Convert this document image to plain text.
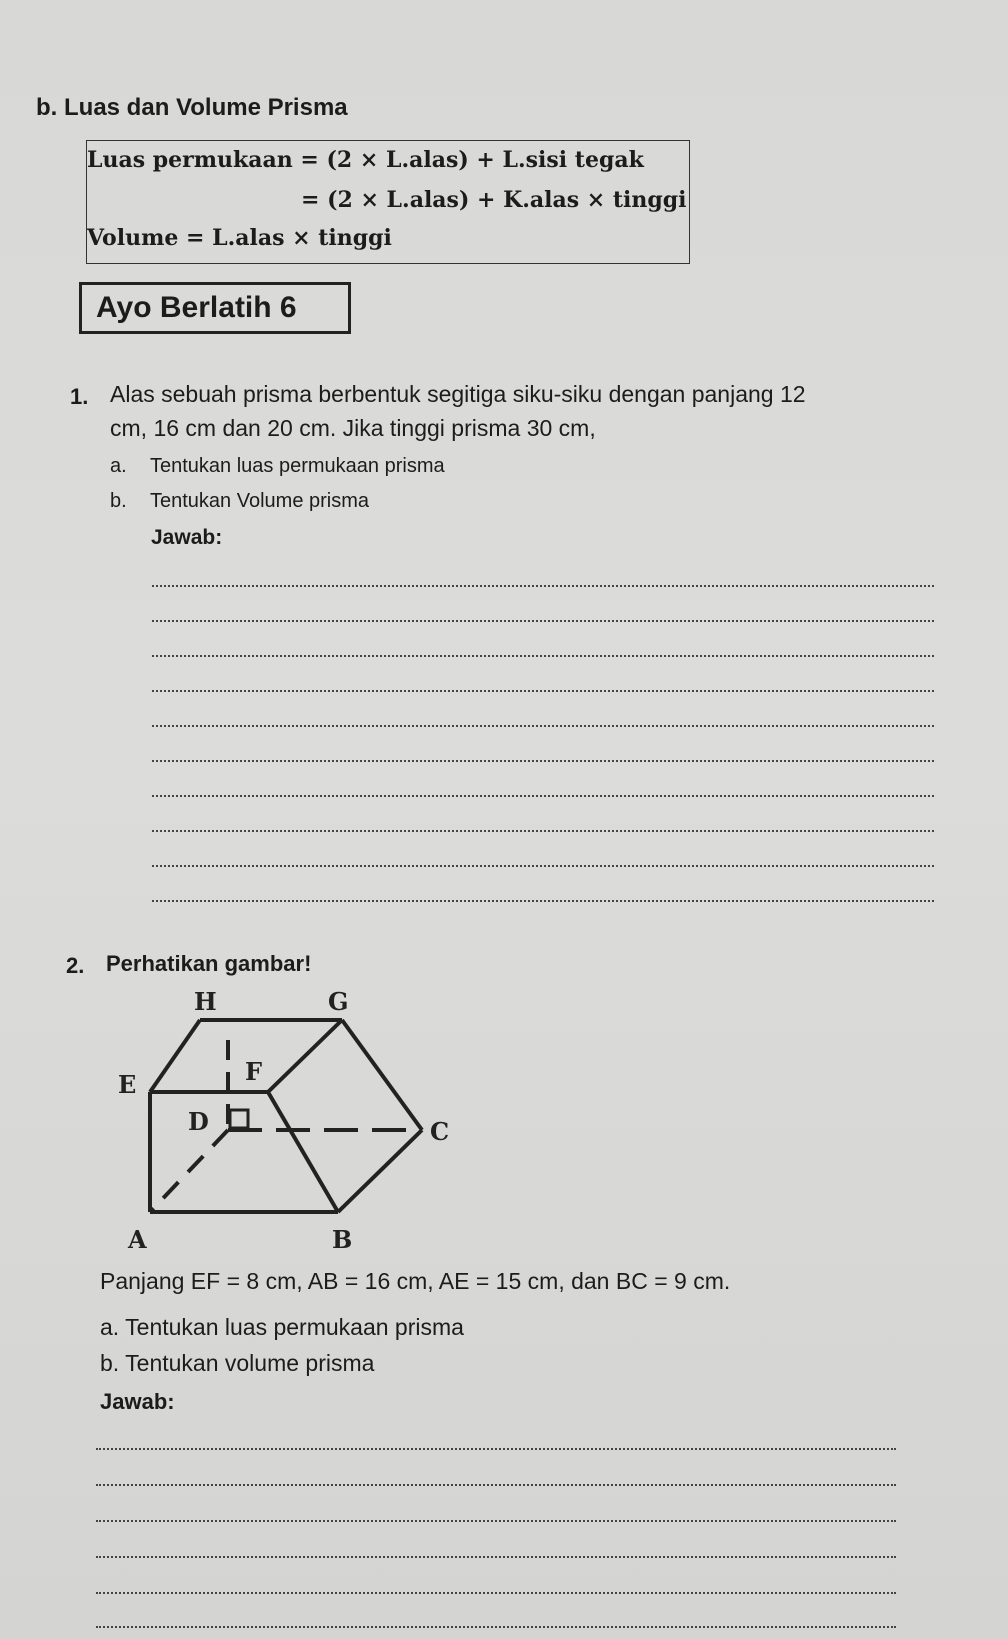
b. Luas dan Volume Prisma
Luas permukaan = (2 × L.alas) + L.sisi tegak
= (2 × L.alas) + K.alas × tinggi
Volume = L.alas × tinggi
Ayo Berlatih 6
1. Alas sebuah prisma berbentuk segitiga siku-siku dengan panjang 12
cm, 16 cm dan 20 cm. Jika tinggi prisma 30 cm,
a. Tentukan luas permukaan prisma
b. Tentukan Volume prisma
Jawab:
2. Perhatikan gambar!
H	G
E	F
D	C
A	B
Panjang EF = 8 cm, AB = 16 cm, AE = 15 cm, dan BC = 9 cm.
a. Tentukan luas permukaan prisma
b. Tentukan volume prisma
Jawab:
